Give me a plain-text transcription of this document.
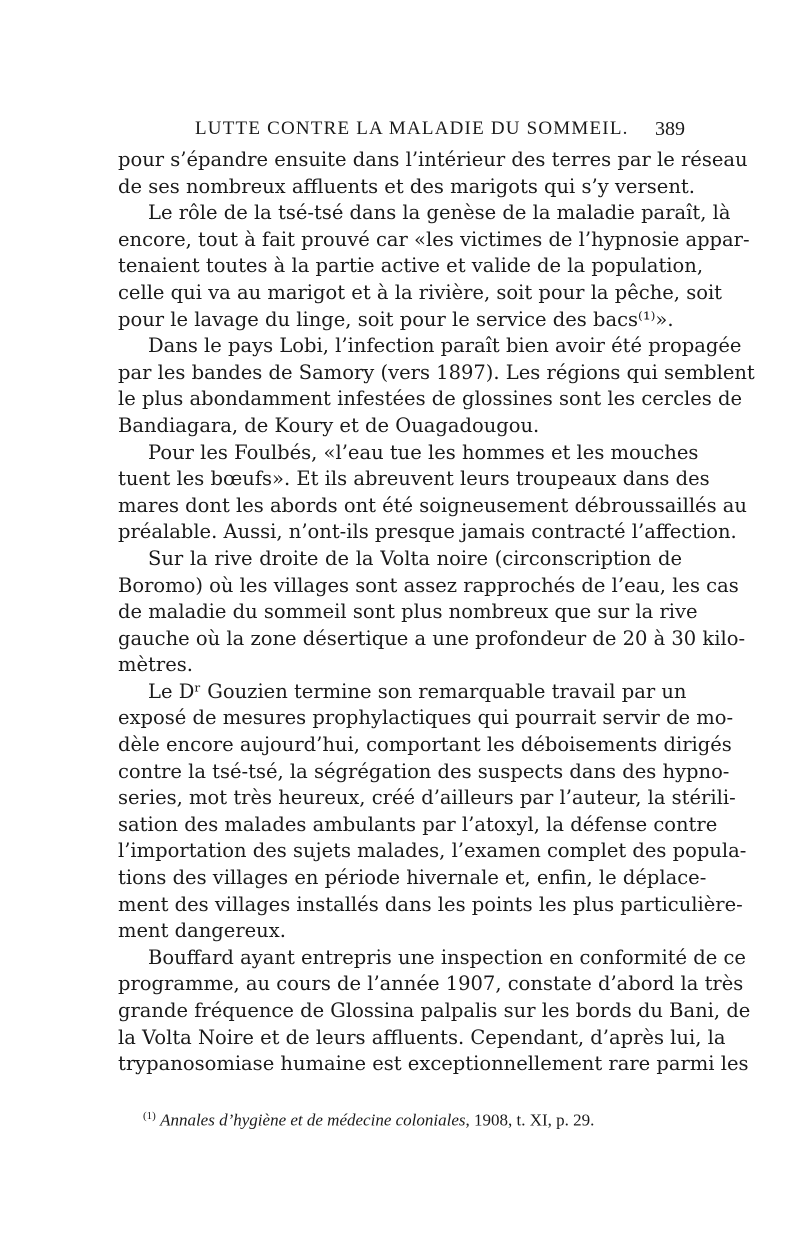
LUTTE CONTRE LA MALADIE DU SOMMEIL. 389
pour s’épandre ensuite dans l’intérieur des terres par le réseau
de ses nombreux affluents et des marigots qui s’y versent.
Le rôle de la tsé-tsé dans la genèse de la maladie paraît, là
encore, tout à fait prouvé car «les victimes de l’hypnosie appar-
tenaient toutes à la partie active et valide de la population,
celle qui va au marigot et à la rivière, soit pour la pêche, soit
pour le lavage du linge, soit pour le service des bacs⁽¹⁾».
Dans le pays Lobi, l’infection paraît bien avoir été propagée
par les bandes de Samory (vers 1897). Les régions qui semblent
le plus abondamment infestées de glossines sont les cercles de
Bandiagara, de Koury et de Ouagadougou.
Pour les Foulbés, «l’eau tue les hommes et les mouches
tuent les bœufs». Et ils abreuvent leurs troupeaux dans des
mares dont les abords ont été soigneusement débroussaillés au
préalable. Aussi, n’ont-ils presque jamais contracté l’affection.
Sur la rive droite de la Volta noire (circonscription de
Boromo) où les villages sont assez rapprochés de l’eau, les cas
de maladie du sommeil sont plus nombreux que sur la rive
gauche où la zone désertique a une profondeur de 20 à 30 kilo-
mètres.
Le Dʳ Gouzien termine son remarquable travail par un
exposé de mesures prophylactiques qui pourrait servir de mo-
dèle encore aujourd’hui, comportant les déboisements dirigés
contre la tsé-tsé, la ségrégation des suspects dans des hypno-
series, mot très heureux, créé d’ailleurs par l’auteur, la stérili-
sation des malades ambulants par l’atoxyl, la défense contre
l’importation des sujets malades, l’examen complet des popula-
tions des villages en période hivernale et, enfin, le déplace-
ment des villages installés dans les points les plus particulière-
ment dangereux.
Bouffard ayant entrepris une inspection en conformité de ce
programme, au cours de l’année 1907, constate d’abord la très
grande fréquence de Glossina palpalis sur les bords du Bani, de
la Volta Noire et de leurs affluents. Cependant, d’après lui, la
trypanosomiase humaine est exceptionnellement rare parmi les
$^{(1)}$ Annales d’hygiène et de médecine coloniales, 1908, t. XI, p. 29.
